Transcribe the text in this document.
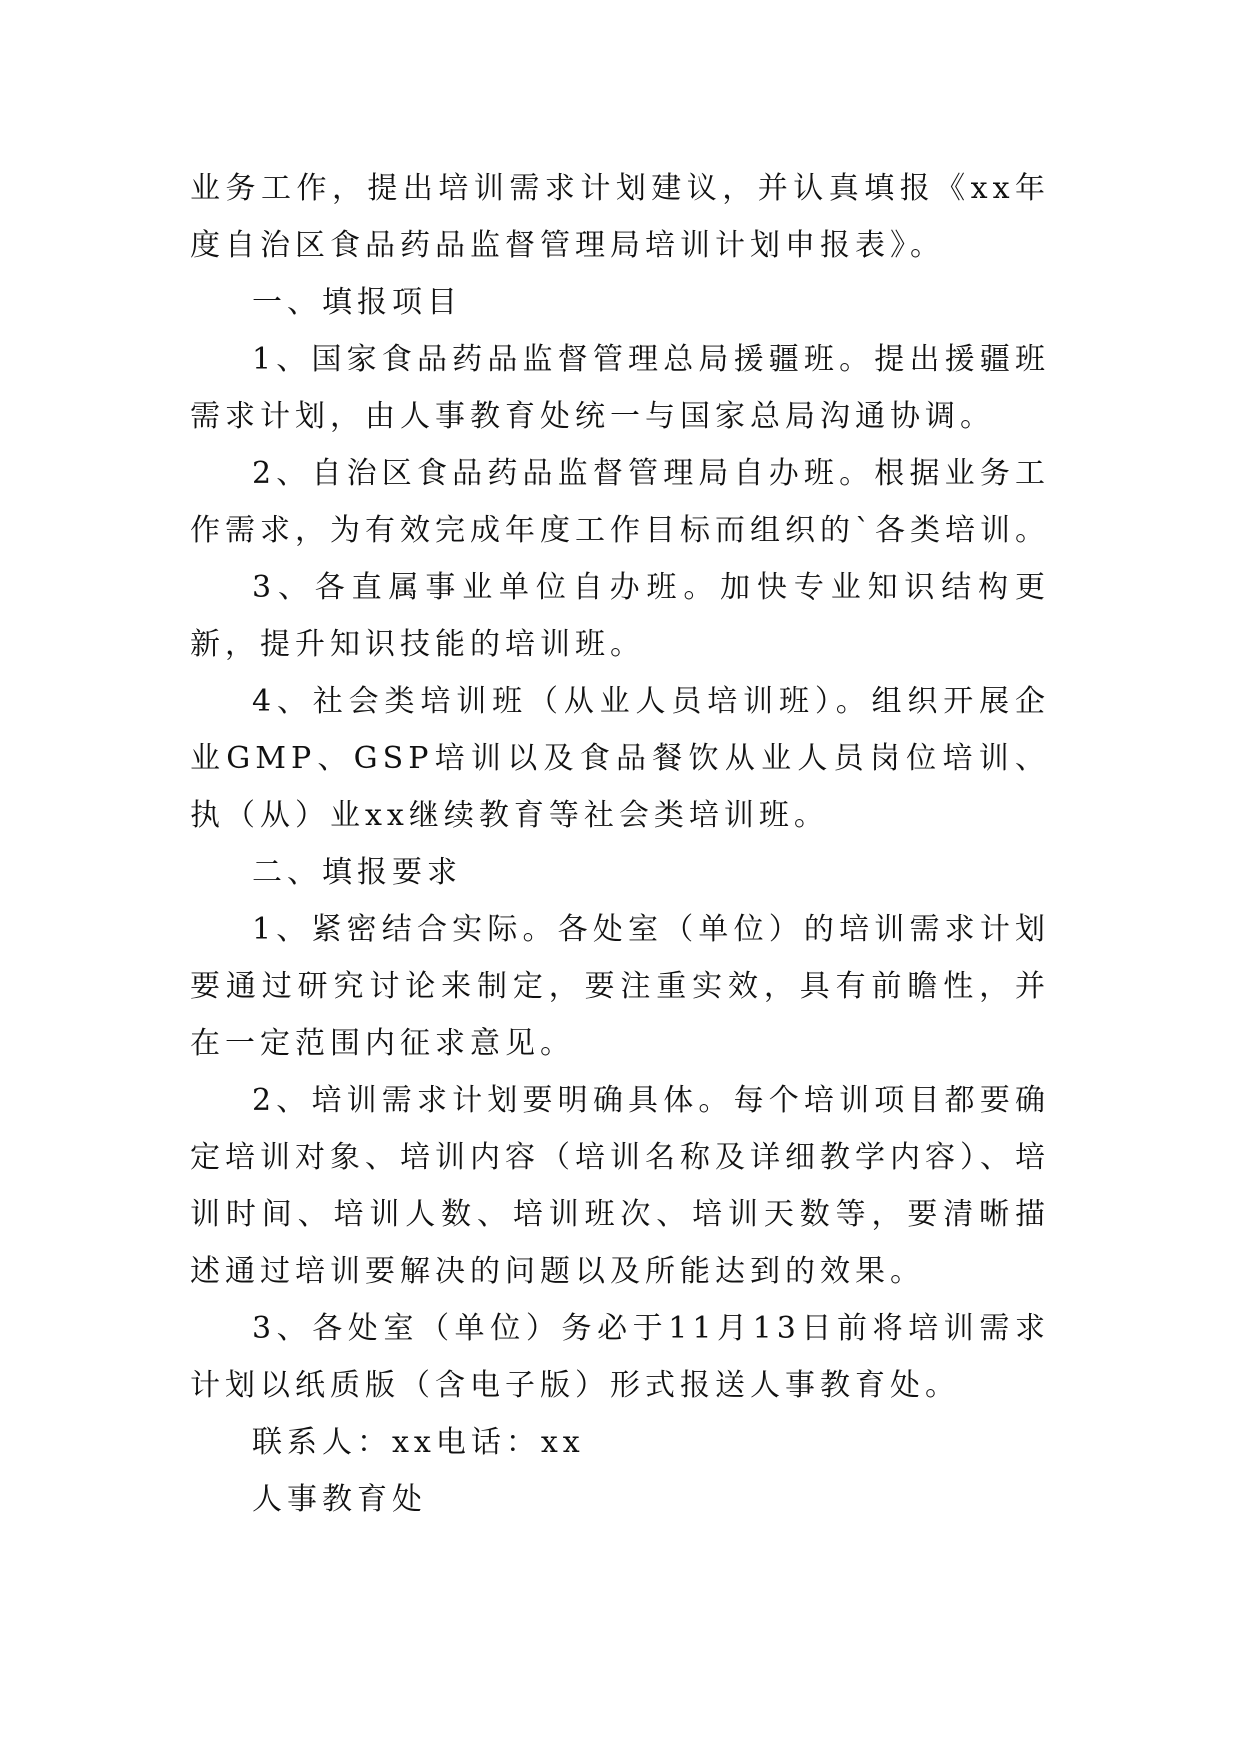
业务工作，提出培训需求计划建议，并认真填报《xx年度自治区食品药品监督管理局培训计划申报表》。

一、填报项目

1、国家食品药品监督管理总局援疆班。提出援疆班需求计划，由人事教育处统一与国家总局沟通协调。

2、自治区食品药品监督管理局自办班。根据业务工作需求，为有效完成年度工作目标而组织的`各类培训。

3、各直属事业单位自办班。加快专业知识结构更新，提升知识技能的培训班。

4、社会类培训班（从业人员培训班）。组织开展企业GMP、GSP培训以及食品餐饮从业人员岗位培训、执（从）业xx继续教育等社会类培训班。

二、填报要求

1、紧密结合实际。各处室（单位）的培训需求计划要通过研究讨论来制定，要注重实效，具有前瞻性，并在一定范围内征求意见。

2、培训需求计划要明确具体。每个培训项目都要确定培训对象、培训内容（培训名称及详细教学内容）、培训时间、培训人数、培训班次、培训天数等，要清晰描述通过培训要解决的问题以及所能达到的效果。

3、各处室（单位）务必于11月13日前将培训需求计划以纸质版（含电子版）形式报送人事教育处。

联系人：xx电话：xx

人事教育处
